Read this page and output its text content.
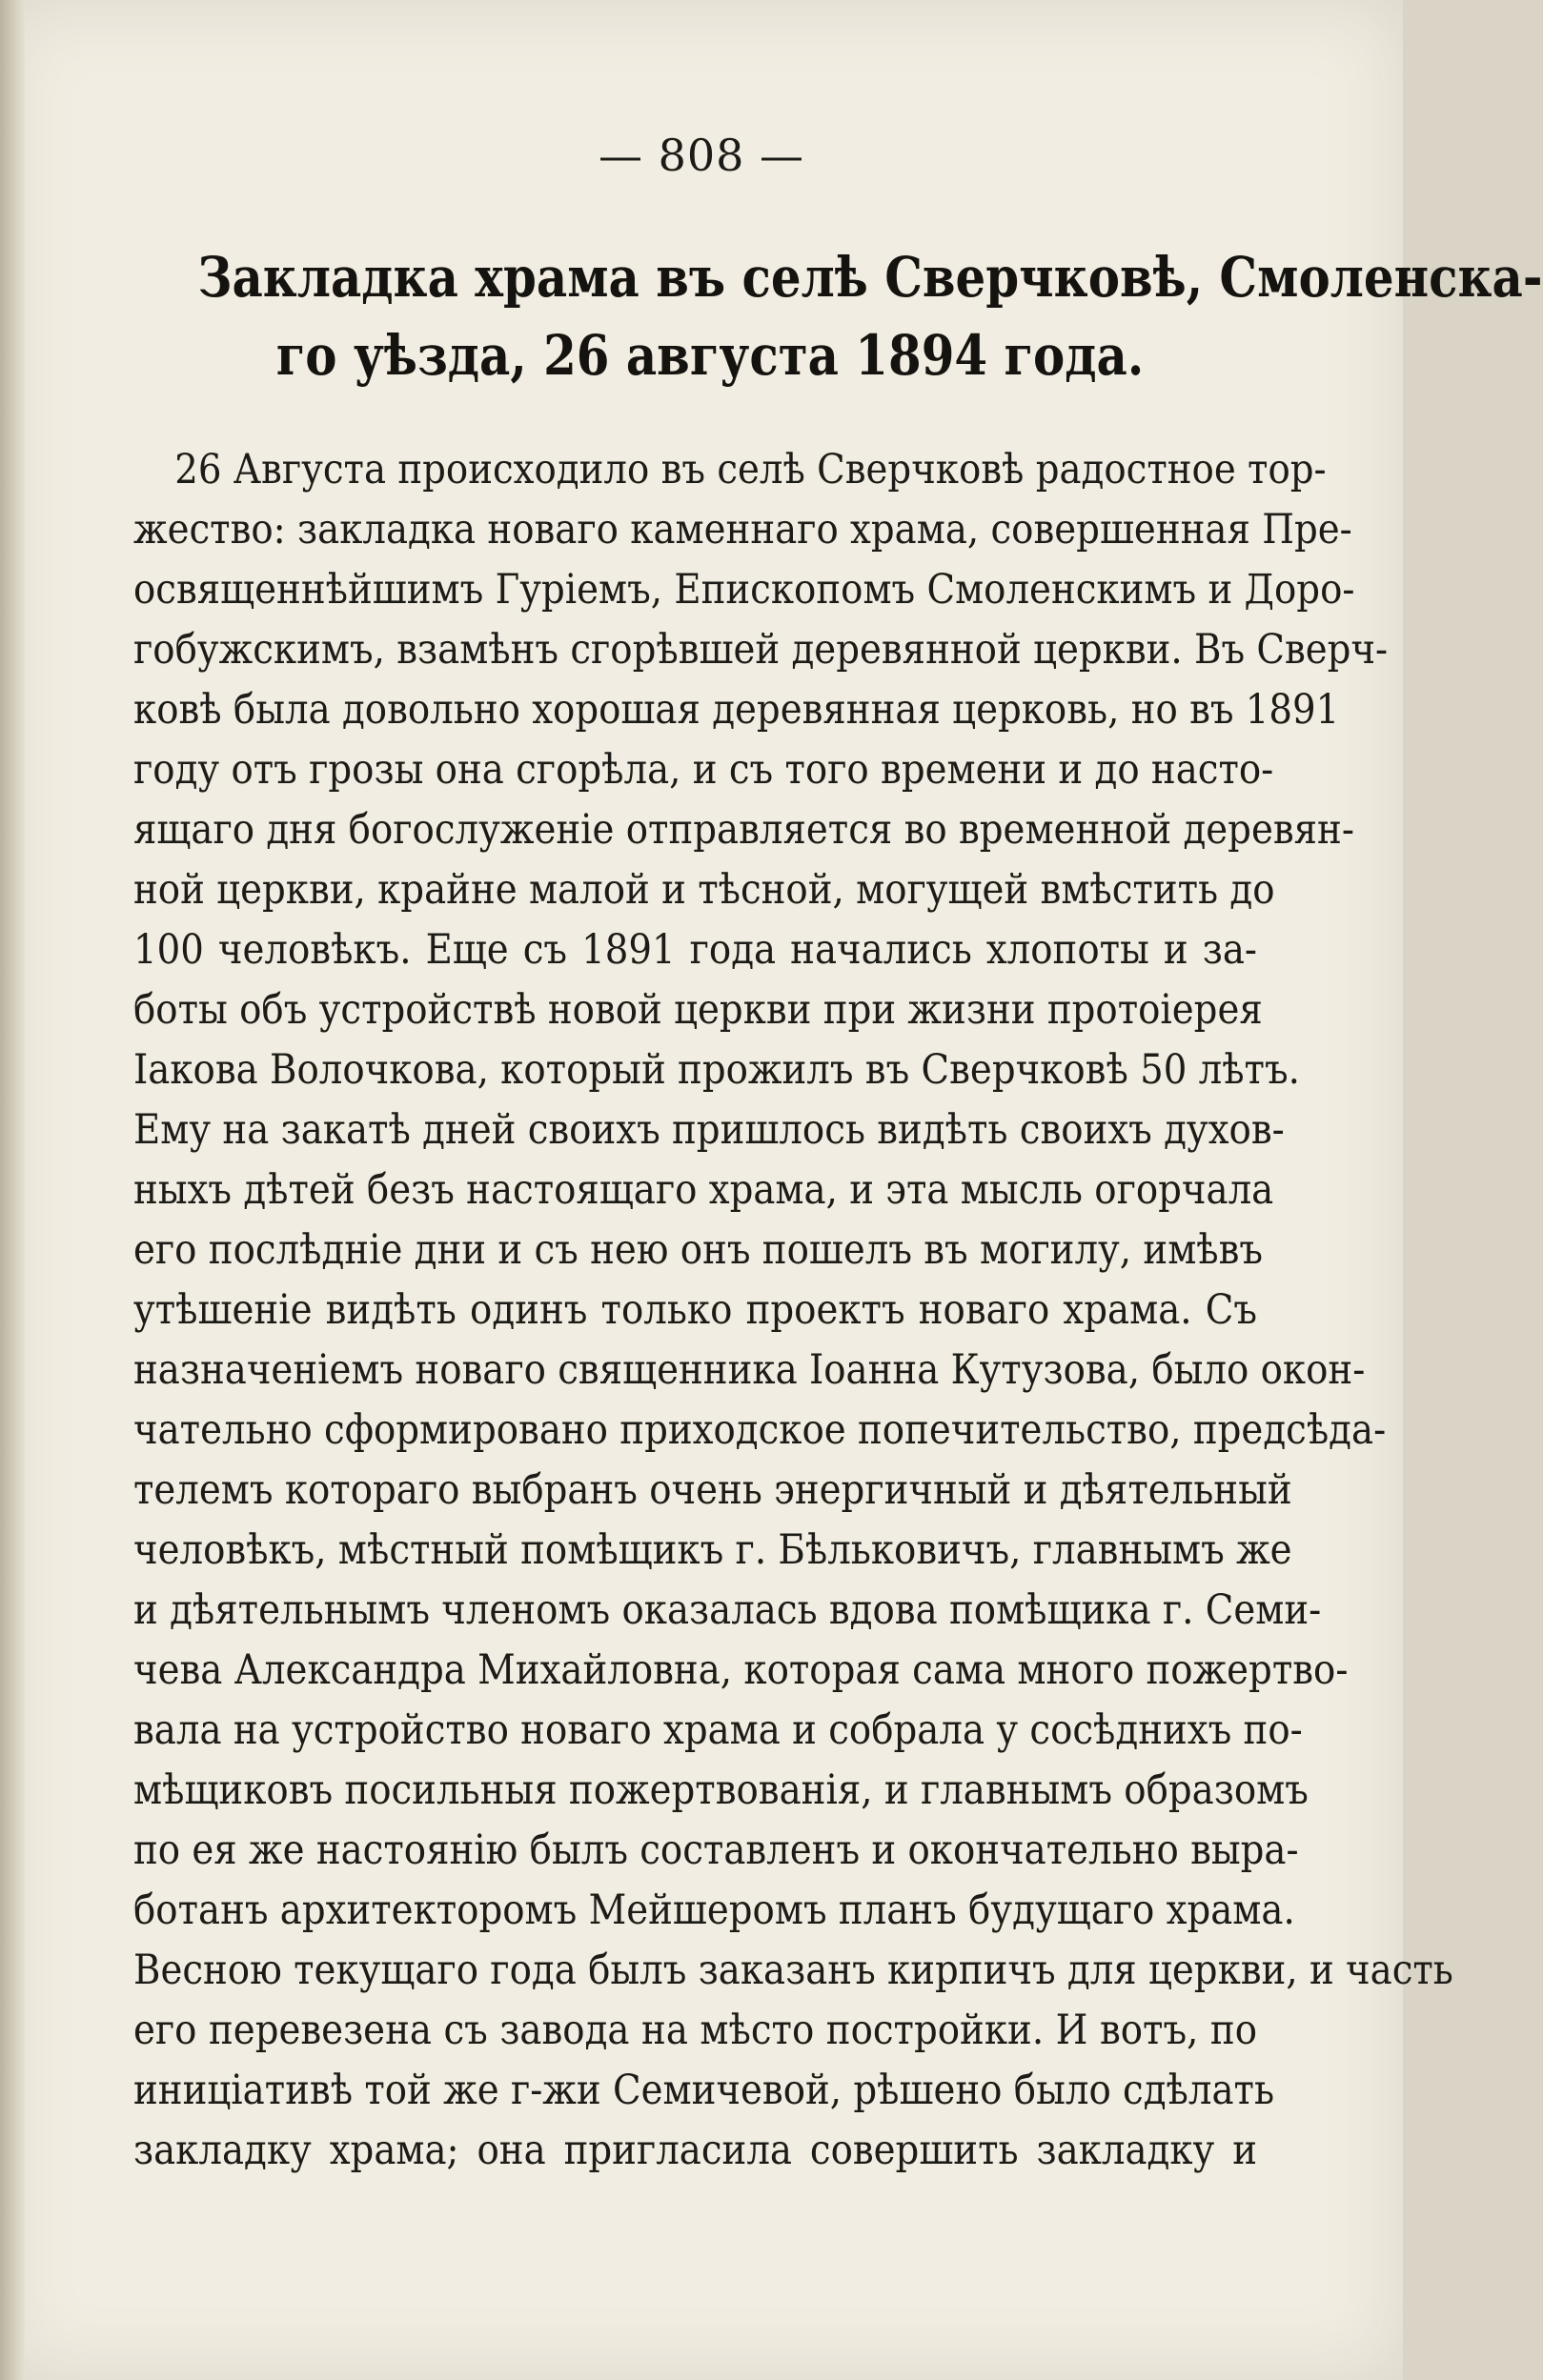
— 808 —
Закладка храма въ селѣ Сверчковѣ, Смоленска-
го уѣзда, 26 августа 1894 года.
26 Августа происходило въ селѣ Сверчковѣ радостное тор-
жество: закладка новаго каменнаго храма, совершенная Пре-
освященнѣйшимъ Гуріемъ, Епископомъ Смоленскимъ и Доро-
гобужскимъ, взамѣнъ сгорѣвшей деревянной церкви. Въ Сверч-
ковѣ была довольно хорошая деревянная церковь, но въ 1891
году отъ грозы она сгорѣла, и съ того времени и до насто-
ящаго дня богослуженіе отправляется во временной деревян-
ной церкви, крайне малой и тѣсной, могущей вмѣстить до
100 человѣкъ. Еще съ 1891 года начались хлопоты и за-
боты объ устройствѣ новой церкви при жизни протоіерея
Іакова Волочкова, который прожилъ въ Сверчковѣ 50 лѣтъ.
Ему на закатѣ дней своихъ пришлось видѣть своихъ духов-
ныхъ дѣтей безъ настоящаго храма, и эта мысль огорчала
его послѣдніе дни и съ нею онъ пошелъ въ могилу, имѣвъ
утѣшеніе видѣть одинъ только проектъ новаго храма. Съ
назначеніемъ новаго священника Іоанна Кутузова, было окон-
чательно сформировано приходское попечительство, предсѣда-
телемъ котораго выбранъ очень энергичный и дѣятельный
человѣкъ, мѣстный помѣщикъ г. Бѣльковичъ, главнымъ же
и дѣятельнымъ членомъ оказалась вдова помѣщика г. Семи-
чева Александра Михайловна, которая сама много пожертво-
вала на устройство новаго храма и собрала у сосѣднихъ по-
мѣщиковъ посильныя пожертвованія, и главнымъ образомъ
по ея же настоянію былъ составленъ и окончательно выра-
ботанъ архитекторомъ Мейшеромъ планъ будущаго храма.
Весною текущаго года былъ заказанъ кирпичъ для церкви, и часть
его перевезена съ завода на мѣсто постройки. И вотъ, по
иниціативѣ той же г-жи Семичевой, рѣшено было сдѣлать
закладку храма; она пригласила совершить закладку и
